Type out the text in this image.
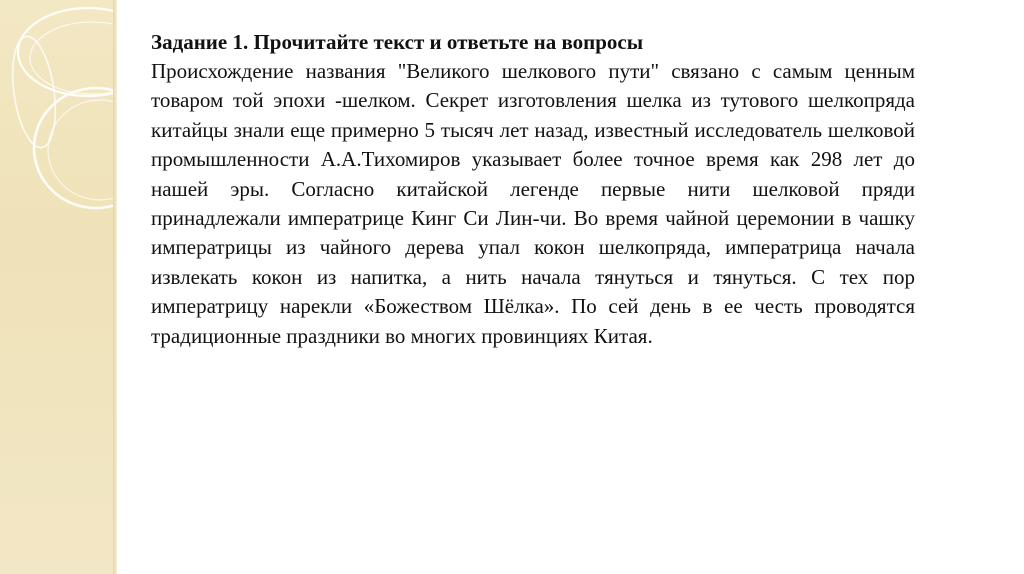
Задание 1. Прочитайте текст и ответьте на вопросы

Происхождение названия "Великого шелкового пути" связано с самым ценным товаром той эпохи -шелком. Секрет изготовления шелка из тутового шелкопряда китайцы знали еще примерно 5 тысяч лет назад, известный исследователь шелковой промышленности А.А.Тихомиров указывает более точное время как 298 лет до нашей эры. Согласно китайской легенде первые нити шелковой пряди принадлежали императрице Кинг Си Лин-чи. Во время чайной церемонии в чашку императрицы из чайного дерева упал кокон шелкопряда, императрица начала извлекать кокон из напитка, а нить начала тянуться и тянуться. С тех пор императрицу нарекли «Божеством Шёлка». По сей день в ее честь проводятся традиционные праздники во многих провинциях Китая.
